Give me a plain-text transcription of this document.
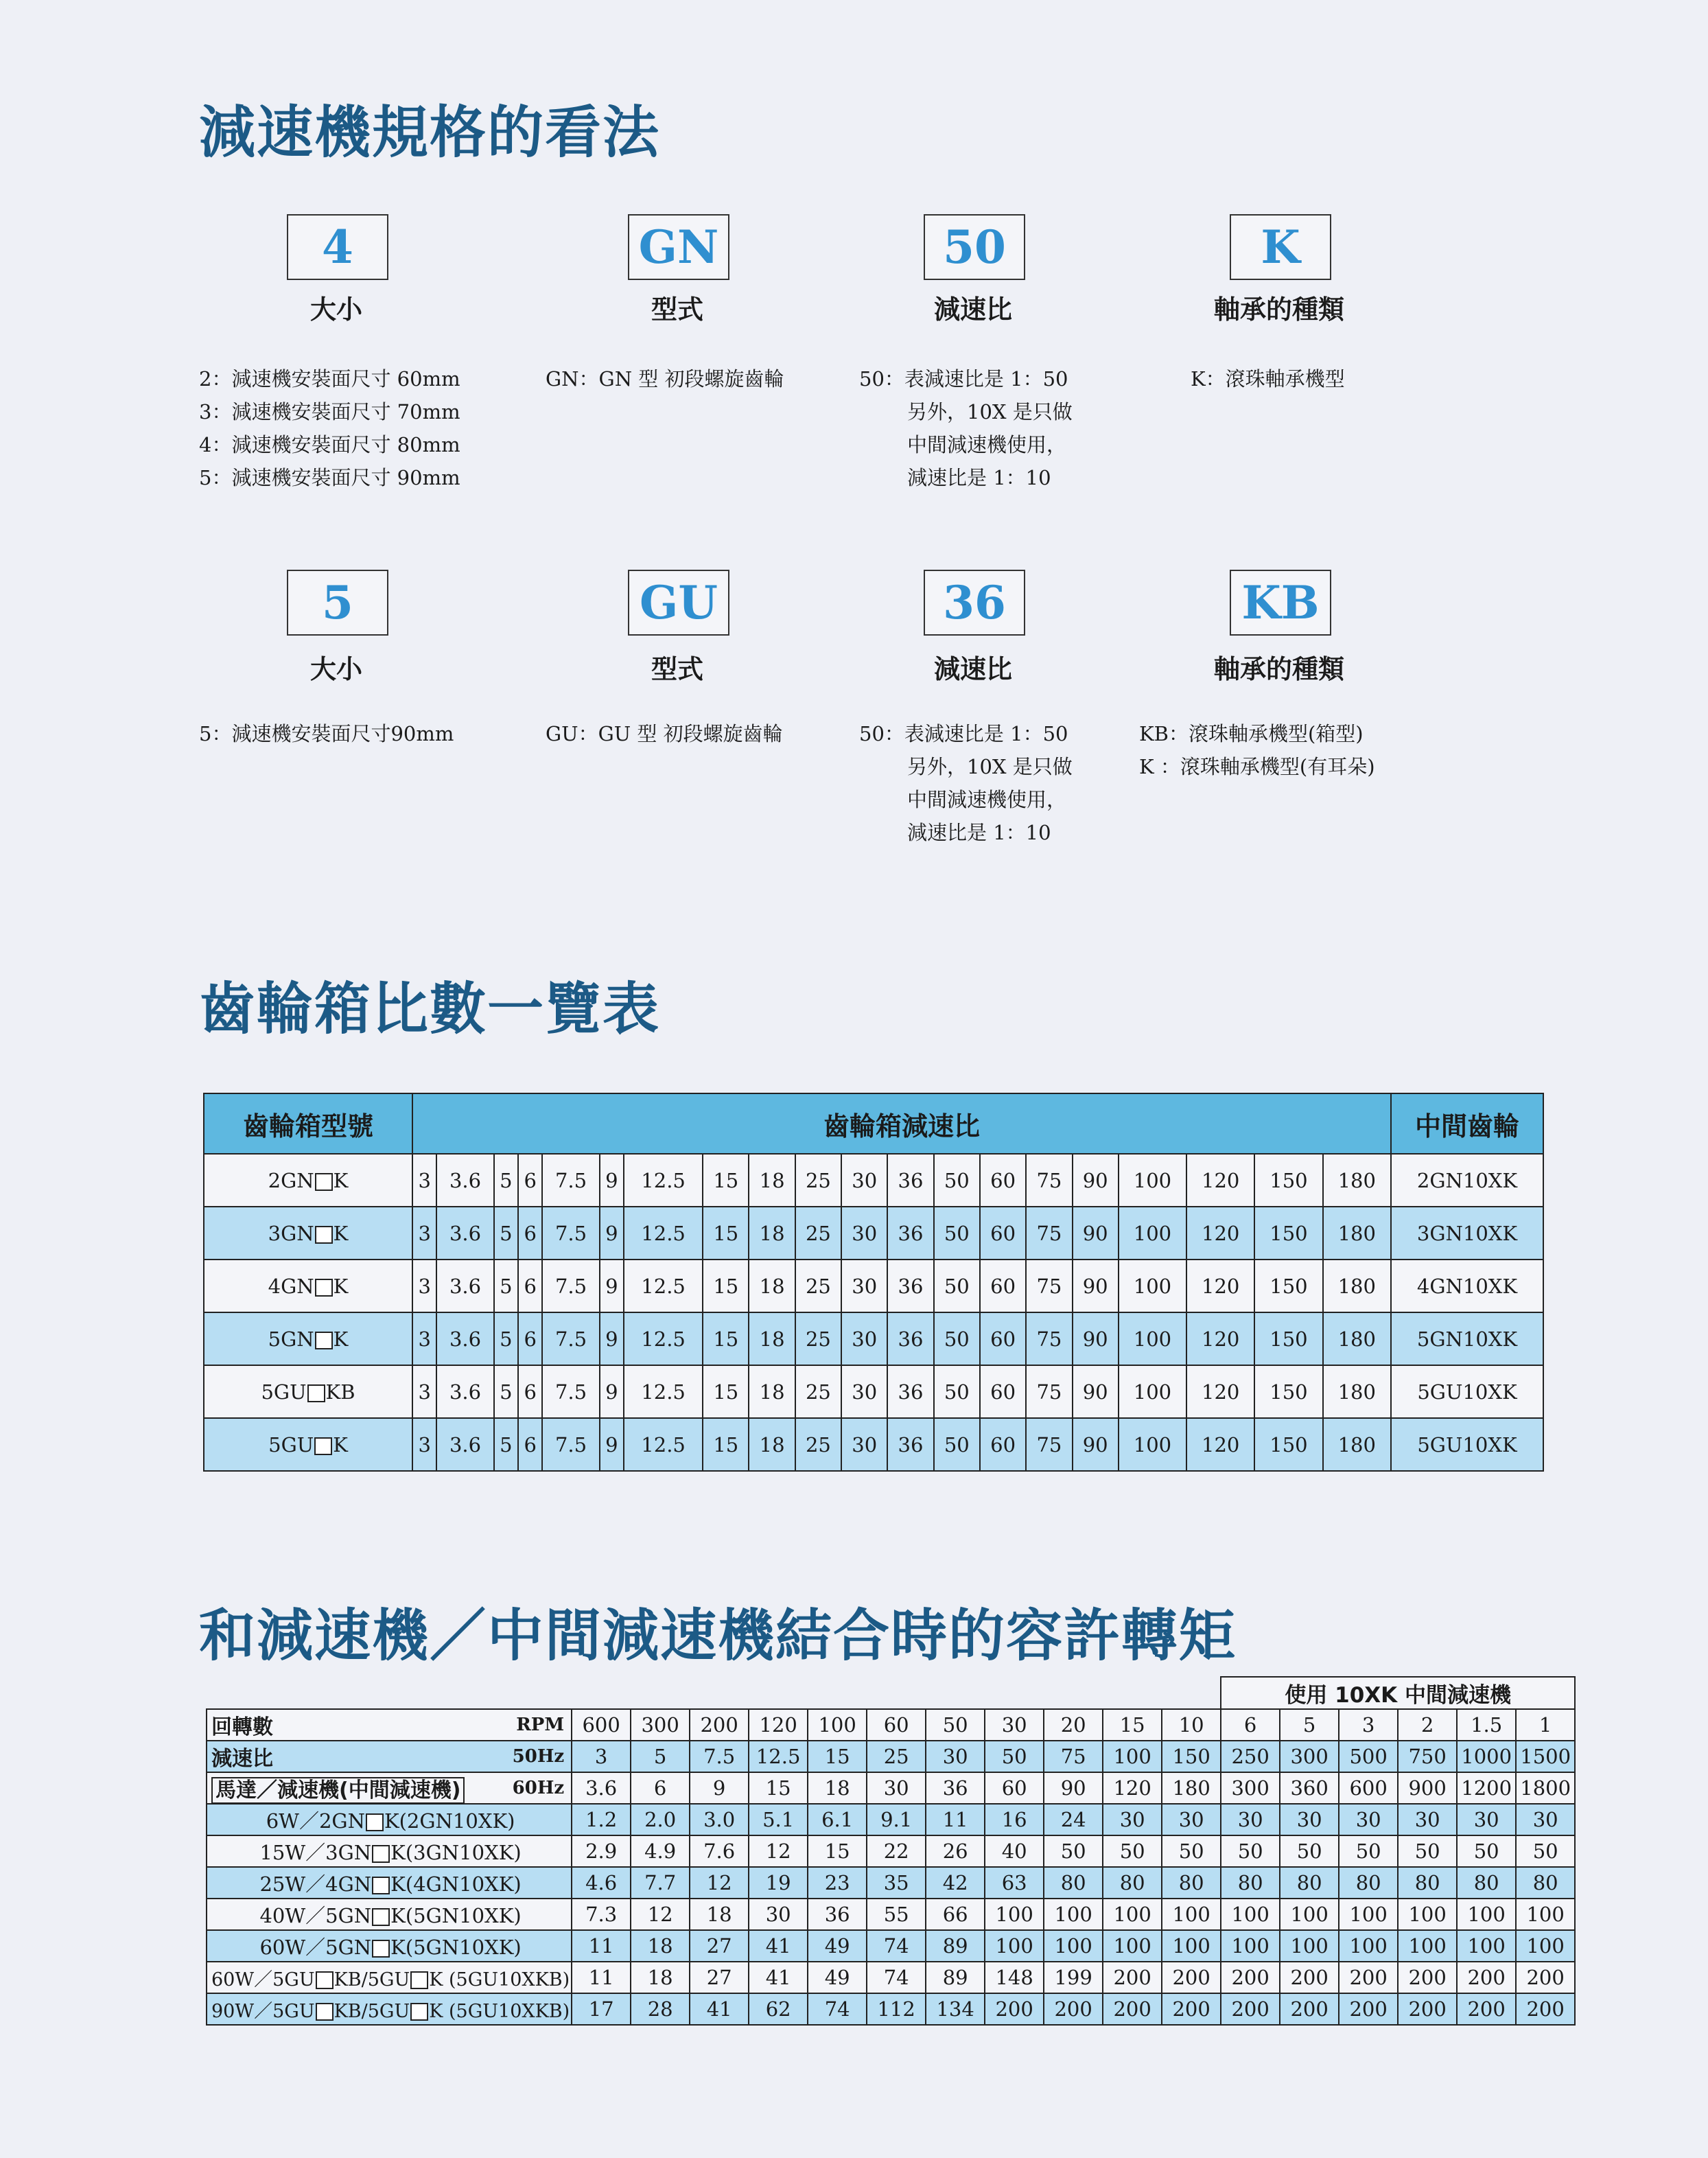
減速機規格的看法
4
大小
2：減速機安裝面尺寸 60mm
3：減速機安裝面尺寸 70mm
4：減速機安裝面尺寸 80mm
5：減速機安裝面尺寸 90mm
GN
型式
GN：GN 型 初段螺旋齒輪
50
減速比
50：表減速比是 1：50
另外，10X 是只做
中間減速機使用，
減速比是 1：10
K
軸承的種類
K：滾珠軸承機型
5
大小
5：減速機安裝面尺寸90mm
GU
型式
GU：GU 型 初段螺旋齒輪
36
減速比
50：表減速比是 1：50
另外，10X 是只做
中間減速機使用，
減速比是 1：10
KB
軸承的種類
KB：滾珠軸承機型(箱型)
K ：滾珠軸承機型(有耳朵)
齒輪箱比數一覽表
齒輪箱型號	齒輪箱減速比																				中間齒輪
2GN K	3	3.6	5	6	7.5	9	12.5	15	18	25	30	36	50	60	75	90	100	120	150	180	2GN10XK
3GN K	3	3.6	5	6	7.5	9	12.5	15	18	25	30	36	50	60	75	90	100	120	150	180	3GN10XK
4GN K	3	3.6	5	6	7.5	9	12.5	15	18	25	30	36	50	60	75	90	100	120	150	180	4GN10XK
5GN K	3	3.6	5	6	7.5	9	12.5	15	18	25	30	36	50	60	75	90	100	120	150	180	5GN10XK
5GU KB	3	3.6	5	6	7.5	9	12.5	15	18	25	30	36	50	60	75	90	100	120	150	180	5GU10XK
5GU K	3	3.6	5	6	7.5	9	12.5	15	18	25	30	36	50	60	75	90	100	120	150	180	5GU10XK
和減速機／中間減速機結合時的容許轉矩
													使用 10XK 中間減速機					
回轉數	RPM	600	300	200	120	100	60	50	30	20	15	10	6	5	3	2	1.5	1
減速比	50Hz	3	5	7.5	12.5	15	25	30	50	75	100	150	250	300	500	750	1000	1500
馬達／減速機(中間減速機)	60Hz	3.6	6	9	15	18	30	36	60	90	120	180	300	360	600	900	1200	1800
6W／2GN K(2GN10XK)		1.2	2.0	3.0	5.1	6.1	9.1	11	16	24	30	30	30	30	30	30	30	30
15W／3GN K(3GN10XK)		2.9	4.9	7.6	12	15	22	26	40	50	50	50	50	50	50	50	50	50
25W／4GN K(4GN10XK)		4.6	7.7	12	19	23	35	42	63	80	80	80	80	80	80	80	80	80
40W／5GN K(5GN10XK)		7.3	12	18	30	36	55	66	100	100	100	100	100	100	100	100	100	100
60W／5GN K(5GN10XK)		11	18	27	41	49	74	89	100	100	100	100	100	100	100	100	100	100
60W／5GU KB/5GU K (5GU10XKB)		11	18	27	41	49	74	89	148	199	200	200	200	200	200	200	200	200
90W／5GU KB/5GU K (5GU10XKB)		17	28	41	62	74	112	134	200	200	200	200	200	200	200	200	200	200
